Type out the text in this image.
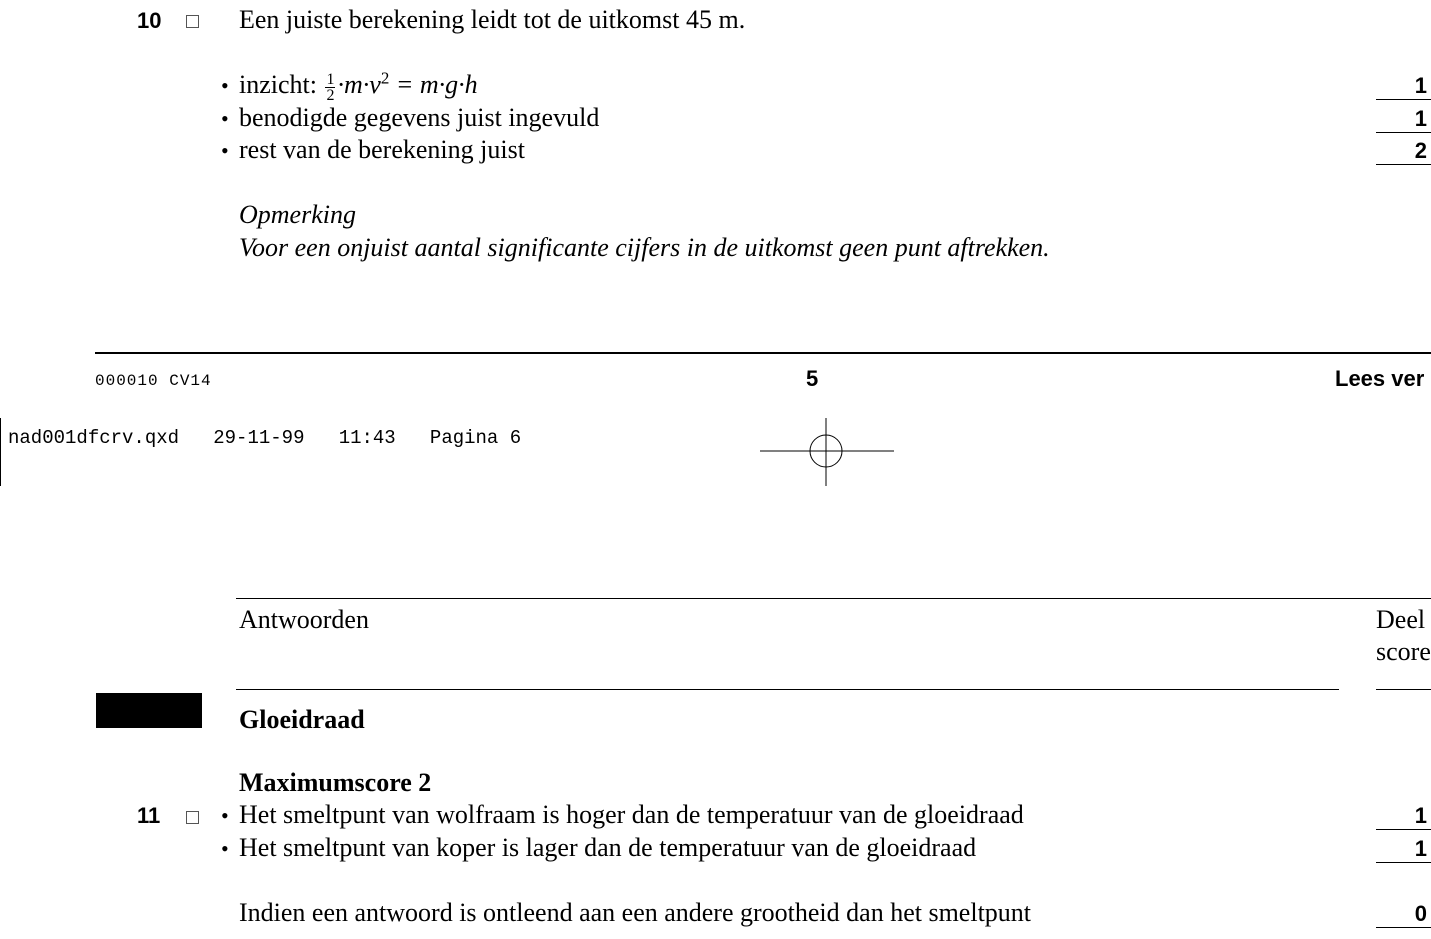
10	Een juiste berekening leidt tot de uitkomst 45 m.
• inzicht: $\frac{1}{2} \cdot m\cdot v^2 = m\cdot g\cdot h$	1
• benodigde gegevens juist ingevuld	1
• rest van de berekening juist	2
Opmerking
Voor een onjuist aantal significante cijfers in de uitkomst geen punt aftrekken.
000010 CV14	5	Lees ver
nad001dfcrv.qxd 29-11-99 11:43 Pagina 6
Antwoorden	Deel
score
Gloeidraad
Maximumscore 2
11	• Het smeltpunt van wolfraam is hoger dan de temperatuur van de gloeidraad	1
• Het smeltpunt van koper is lager dan de temperatuur van de gloeidraad	1
Indien een antwoord is ontleend aan een andere grootheid dan het smeltpunt	0
